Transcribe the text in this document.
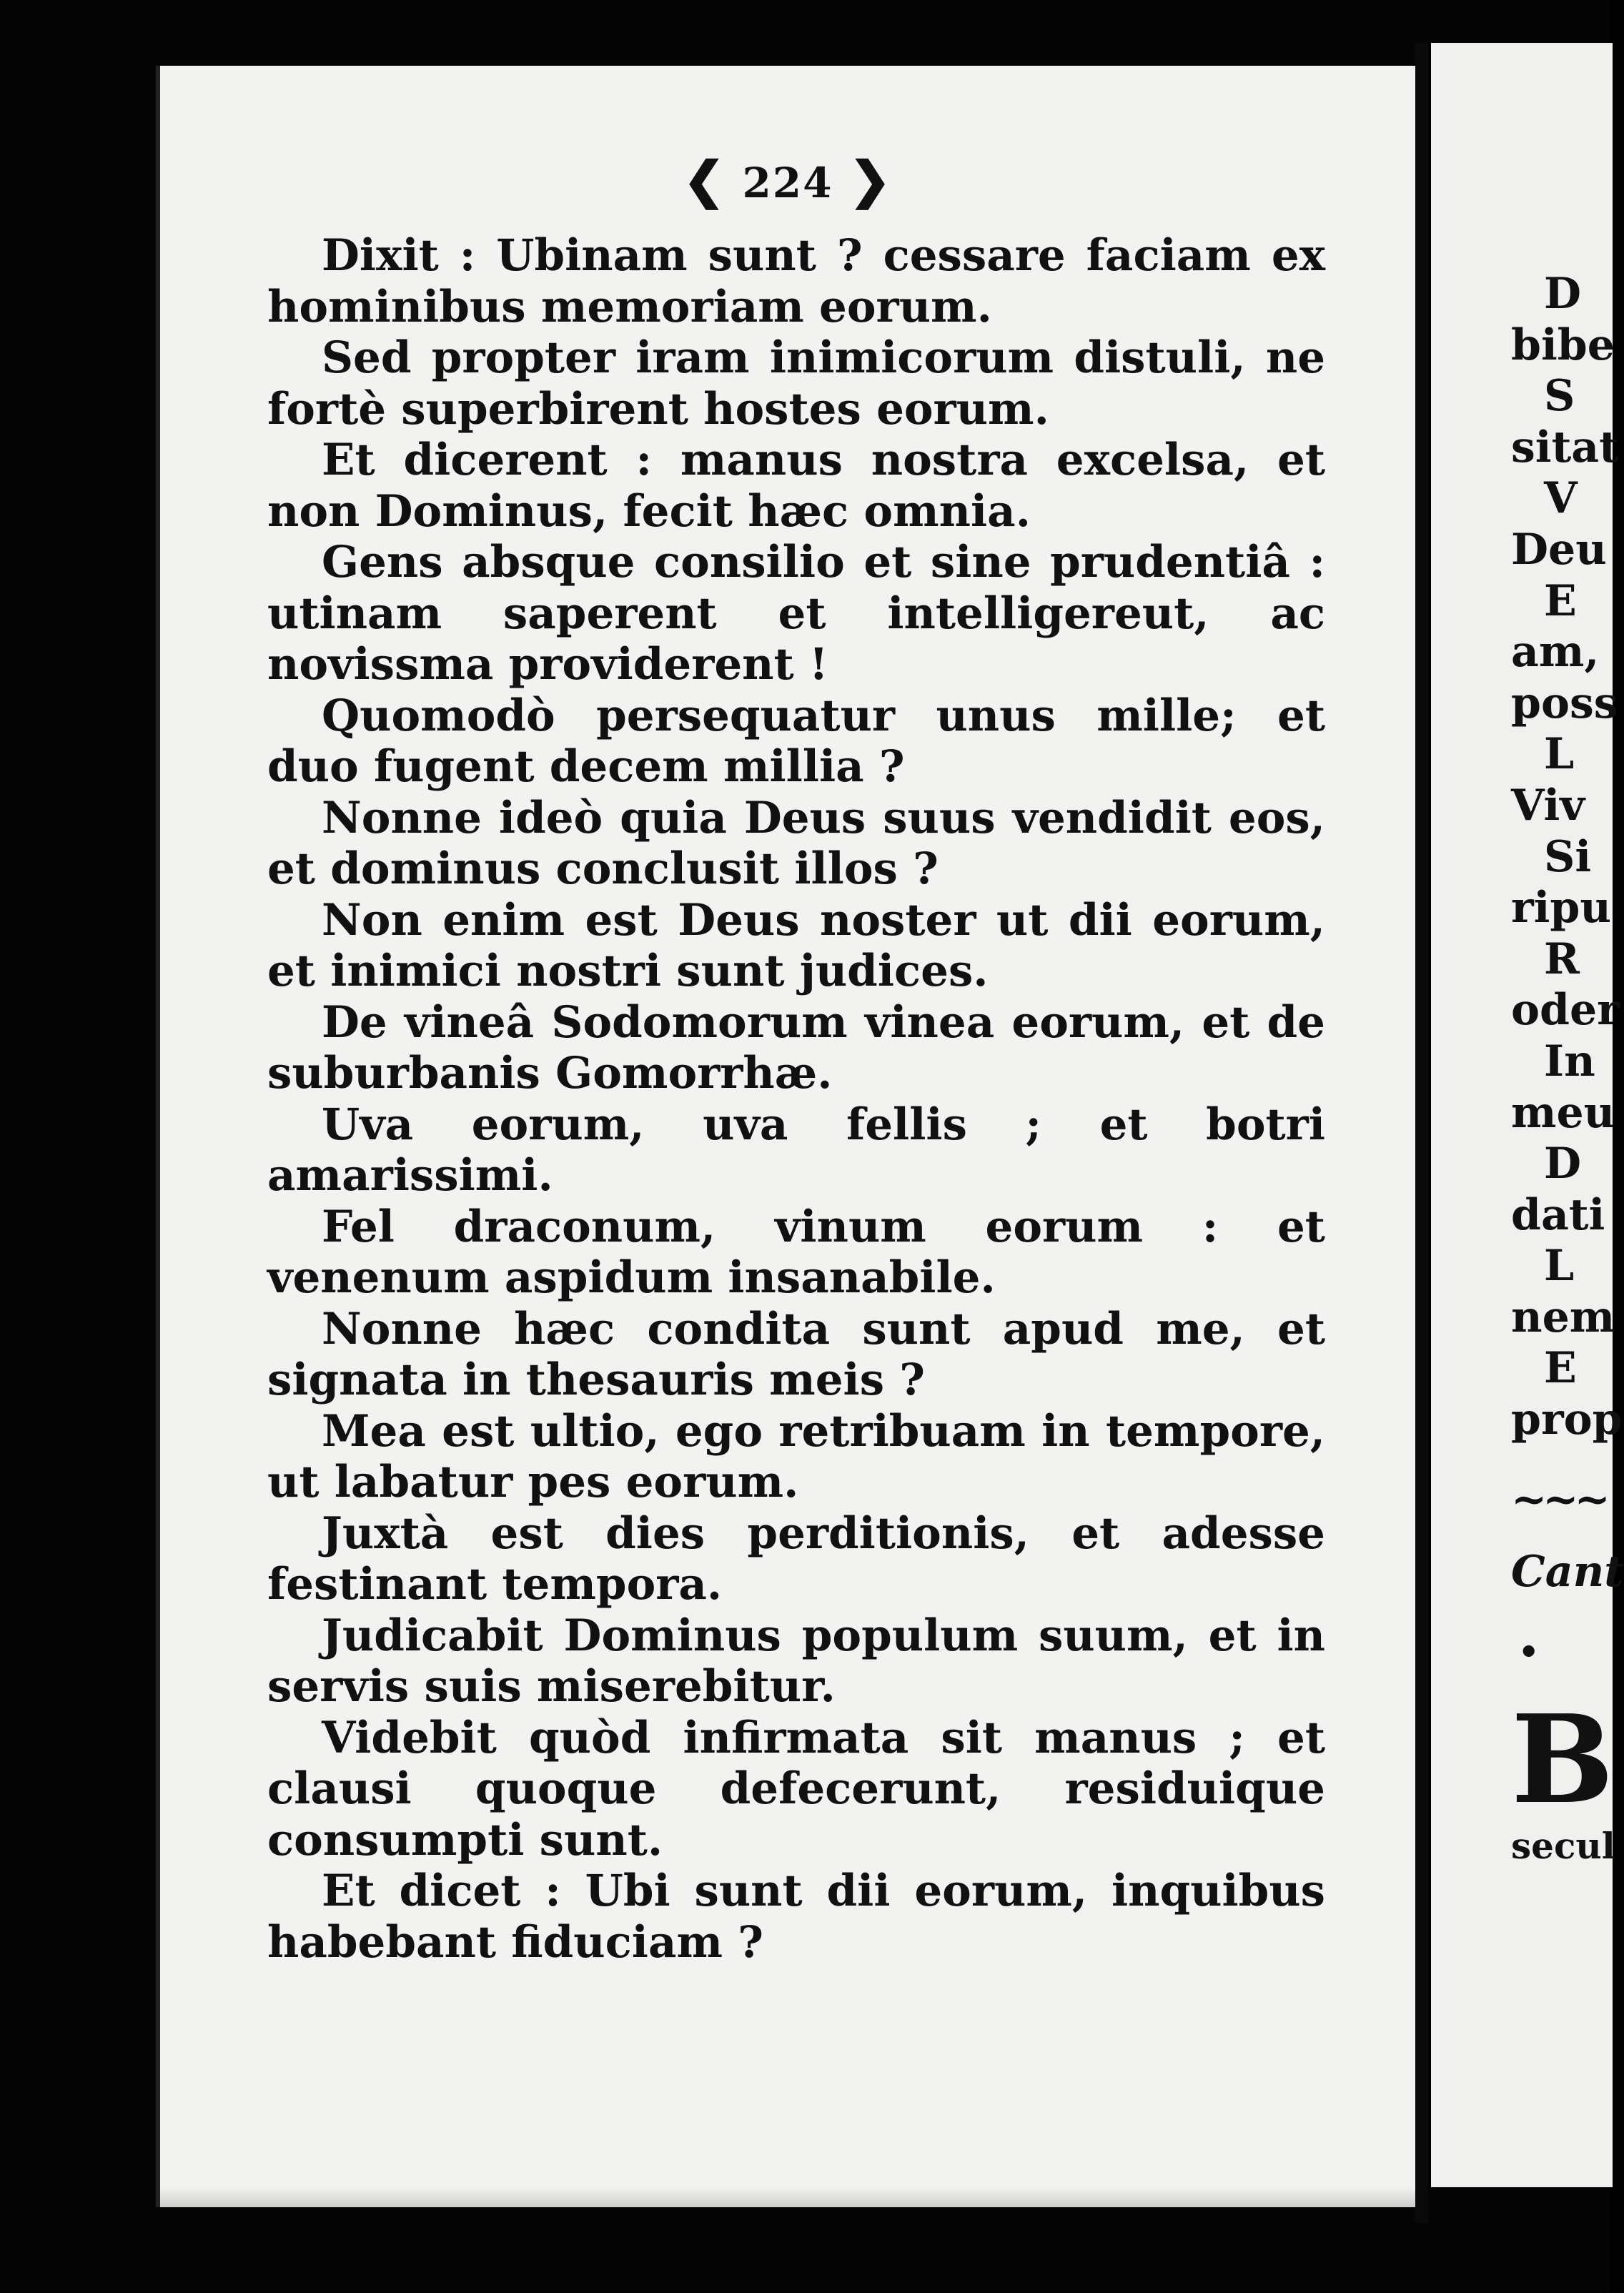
❮ 224 ❯

Dixit : Ubinam sunt ? cessare faciam ex hominibus memoriam eorum.

Sed propter iram inimicorum distuli, ne fortè superbirent hostes eorum.

Et dicerent : manus nostra excelsa, et non Dominus, fecit hæc omnia.

Gens absque consilio et sine prudentiâ : utinam saperent et intelligereut, ac novissma providerent !

Quomodò persequatur unus mille; et duo fugent decem millia ?

Nonne ideò quia Deus suus vendidit eos, et dominus conclusit illos ?

Non enim est Deus noster ut dii eorum, et inimici nostri sunt judices.

De vineâ Sodomorum vinea eorum, et de suburbanis Gomorrhæ.

Uva eorum, uva fellis ; et botri amarissimi.

Fel draconum, vinum eorum : et venenum aspidum insanabile.

Nonne hæc condita sunt apud me, et signata in thesauris meis ?

Mea est ultio, ego retribuam in tempore, ut labatur pes eorum.

Juxtà est dies perditionis, et adesse festinant tempora.

Judicabit Dominus populum suum, et in servis suis miserebitur.

Videbit quòd infirmata sit manus ; et clausi quoque defecerunt, residuique consumpti sunt.

Et dicet : Ubi sunt dii eorum, inquibus habebant fiduciam ?

D
bibe
S
sitat
V
Deu
E
am,
poss
L
Viv
Si
ripu
R
oder
In
meu
D
dati
L
nem
E
prop
~~~
Cant
•
B
secul
